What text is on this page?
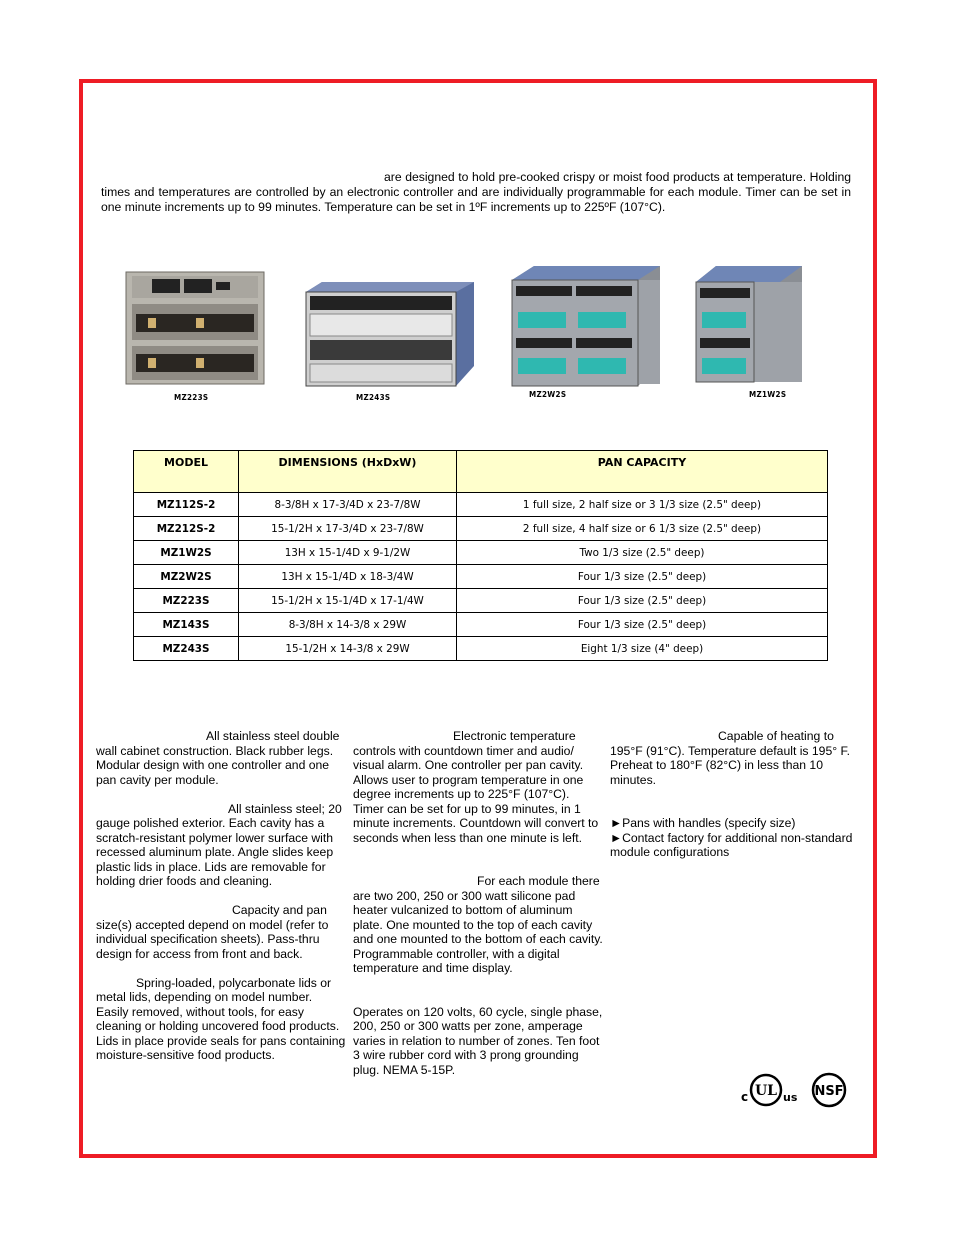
are designed to hold pre-cooked crispy or moist food products at temperature. Holding times and temperatures are controlled by an electronic controller and are individually programmable for each module. Timer can be set in one minute increments up to 99 minutes. Temperature can be set in 1ºF increments up to 225ºF (107°C).
MZ223S	MZ243S	MZ2W2S	MZ1W2S
MODEL	DIMENSIONS (HxDxW)	PAN CAPACITY
MZ112S-2	8-3/8H x 17-3/4D x 23-7/8W	1 full size, 2 half size or 3 1/3 size (2.5" deep)
MZ212S-2	15-1/2H x 17-3/4D x 23-7/8W	2 full size, 4 half size or 6 1/3 size (2.5" deep)
MZ1W2S	13H x 15-1/4D x 9-1/2W	Two 1/3 size (2.5" deep)
MZ2W2S	13H x 15-1/4D x 18-3/4W	Four 1/3 size (2.5" deep)
MZ223S	15-1/2H x 15-1/4D x 17-1/4W	Four 1/3 size (2.5" deep)
MZ143S	8-3/8H x 14-3/8 x 29W	Four 1/3 size (2.5" deep)
MZ243S	15-1/2H x 14-3/8 x 29W	Eight 1/3 size (4" deep)

All stainless steel double wall cabinet construction. Black rubber legs. Modular design with one controller and one pan cavity per module.

All stainless steel; 20 gauge polished exterior. Each cavity has a scratch-resistant polymer lower surface with recessed aluminum plate. Angle slides keep plastic lids in place. Lids are removable for holding drier foods and cleaning.

Capacity and pan size(s) accepted depend on model (refer to individual specification sheets). Pass-thru design for access from front and back.

Spring-loaded, polycarbonate lids or metal lids, depending on model number. Easily removed, without tools, for easy cleaning or holding uncovered food products. Lids in place provide seals for pans containing moisture-sensitive food products.

Electronic temperature controls with countdown timer and audio/ visual alarm. One controller per pan cavity. Allows user to program temperature in one degree increments up to 225°F (107°C). Timer can be set for up to 99 minutes, in 1 minute increments. Countdown will convert to seconds when less than one minute is left.

For each module there are two 200, 250 or 300 watt silicone pad heater vulcanized to bottom of aluminum plate. One mounted to the top of each cavity and one mounted to the bottom of each cavity. Programmable controller, with a digital temperature and time display.

Operates on 120 volts, 60 cycle, single phase, 200, 250 or 300 watts per zone, amperage varies in relation to number of zones. Ten foot 3 wire rubber cord with 3 prong grounding plug. NEMA 5-15P.

Capable of heating to 195°F (91°C). Temperature default is 195° F. Preheat to 180°F (82°C) in less than 10 minutes.

►Pans with handles (specify size)
►Contact factory for additional non-standard module configurations
c UL us NSF
